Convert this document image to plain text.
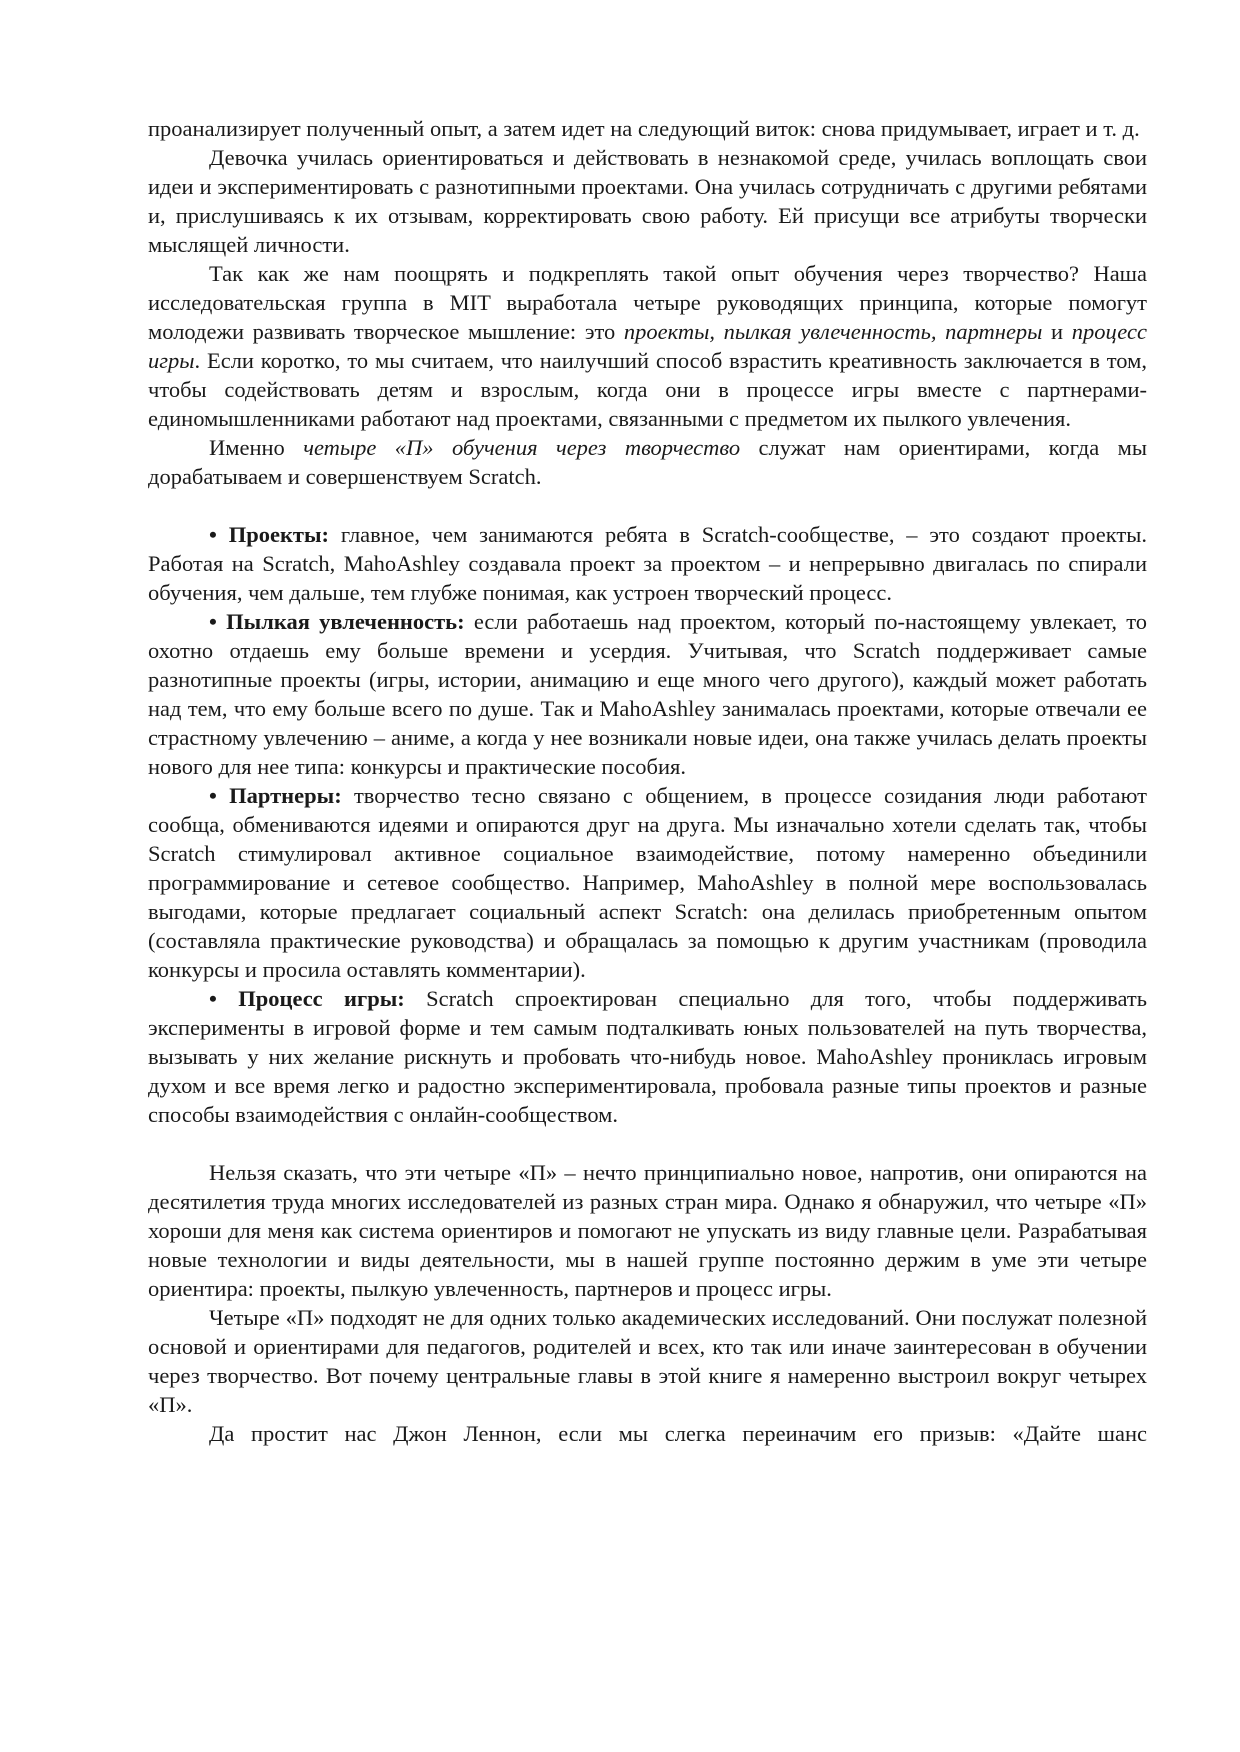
проанализирует полученный опыт, а затем идет на следующий виток: снова придумывает, играет и т. д.

Девочка училась ориентироваться и действовать в незнакомой среде, училась воплощать свои идеи и экспериментировать с разнотипными проектами. Она училась сотрудничать с другими ребятами и, прислушиваясь к их отзывам, корректировать свою работу. Ей присущи все атрибуты творчески мыслящей личности.

Так как же нам поощрять и подкреплять такой опыт обучения через творчество? Наша исследовательская группа в MIT выработала четыре руководящих принципа, которые помогут молодежи развивать творческое мышление: это проекты, пылкая увлеченность, партнеры и процесс игры. Если коротко, то мы считаем, что наилучший способ взрастить креативность заключается в том, чтобы содействовать детям и взрослым, когда они в процессе игры вместе с партнерами-единомышленниками работают над проектами, связанными с предметом их пылкого увлечения.

Именно четыре «П» обучения через творчество служат нам ориентирами, когда мы дорабатываем и совершенствуем Scratch.

• Проекты: главное, чем занимаются ребята в Scratch-сообществе, – это создают проекты. Работая на Scratch, MahoAshley создавала проект за проектом – и непрерывно двигалась по спирали обучения, чем дальше, тем глубже понимая, как устроен творческий процесс.

• Пылкая увлеченность: если работаешь над проектом, который по-настоящему увлекает, то охотно отдаешь ему больше времени и усердия. Учитывая, что Scratch поддерживает самые разнотипные проекты (игры, истории, анимацию и еще много чего другого), каждый может работать над тем, что ему больше всего по душе. Так и MahoAshley занималась проектами, которые отвечали ее страстному увлечению – аниме, а когда у нее возникали новые идеи, она также училась делать проекты нового для нее типа: конкурсы и практические пособия.

• Партнеры: творчество тесно связано с общением, в процессе созидания люди работают сообща, обмениваются идеями и опираются друг на друга. Мы изначально хотели сделать так, чтобы Scratch стимулировал активное социальное взаимодействие, потому намеренно объединили программирование и сетевое сообщество. Например, MahoAshley в полной мере воспользовалась выгодами, которые предлагает социальный аспект Scratch: она делилась приобретенным опытом (составляла практические руководства) и обращалась за помощью к другим участникам (проводила конкурсы и просила оставлять комментарии).

• Процесс игры: Scratch спроектирован специально для того, чтобы поддерживать эксперименты в игровой форме и тем самым подталкивать юных пользователей на путь творчества, вызывать у них желание рискнуть и пробовать что-нибудь новое. MahoAshley прониклась игровым духом и все время легко и радостно экспериментировала, пробовала разные типы проектов и разные способы взаимодействия с онлайн-сообществом.

Нельзя сказать, что эти четыре «П» – нечто принципиально новое, напротив, они опираются на десятилетия труда многих исследователей из разных стран мира. Однако я обнаружил, что четыре «П» хороши для меня как система ориентиров и помогают не упускать из виду главные цели. Разрабатывая новые технологии и виды деятельности, мы в нашей группе постоянно держим в уме эти четыре ориентира: проекты, пылкую увлеченность, партнеров и процесс игры.

Четыре «П» подходят не для одних только академических исследований. Они послужат полезной основой и ориентирами для педагогов, родителей и всех, кто так или иначе заинтересован в обучении через творчество. Вот почему центральные главы в этой книге я намеренно выстроил вокруг четырех «П».

Да простит нас Джон Леннон, если мы слегка переиначим его призыв: «Дайте шанс
